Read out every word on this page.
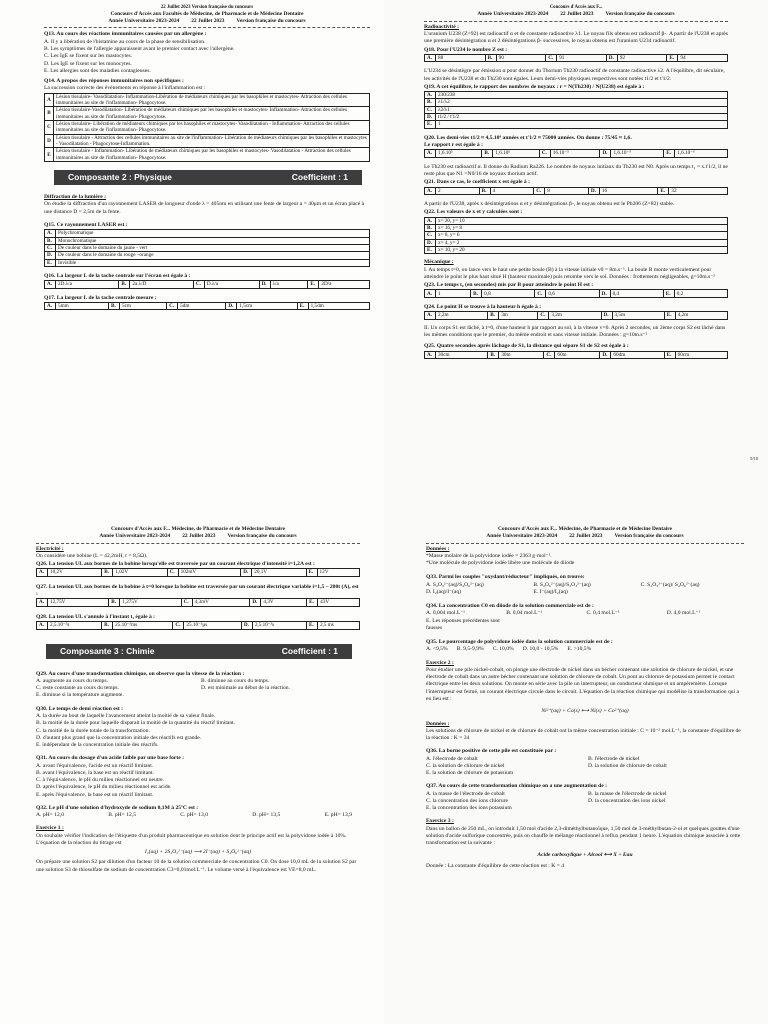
22 Juillet 2023 Version française du concours

Concours d'Accès aux Facultés de Médecine, de Pharmacie et de Médecine Dentaire

Année Universitaire 2023-2024 22 Juillet 2023 Version française du concours

Q13. Au cours des réactions immunitaires causées par un allergène :

A. Il y a libération de l'histamine au cours de la phase de sensibilisation.

B. Les symptômes de l'allergie apparaissent avant le premier contact avec l'allergène.

C. Les IgE se fixent sur les mastocytes.

D. Les IgE se fixent sur les monocytes.

E. Les allergies sont des maladies contagieuses.

Q14. A propos des réponses immunitaires non spécifiques :

La succession correcte des événements en réponse à l'inflammation est :

A	Lésion tissulaire- Vasodilatation- Inflammation-Libération de médiateurs chimiques par les basophiles et mastocytes- Attraction des cellules immunitaires au site de l'inflammation- Phagocytose.
B	Lésion tissulaire-Vasodilatation- Libération de médiateurs chimiques par les basophiles et mastocytes- Inflammation- Attraction des cellules immunitaires au site de l'inflammation- Phagocytose.
C	Lésion tissulaire- Libération de médiateurs chimiques par les basophiles et mastocytes- Vasodilatation - Inflammation- Attraction des cellules immunitaires au site de l'inflammation- Phagocytose.
D	Lésion tissulaire - Attraction des cellules immunitaires au site de l'inflammation- Libération de médiateurs chimiques par les basophiles et mastocytes - Vasodilatation - Phagocytose-Inflammation.
E	Lésion tissulaire - Inflammation- Libération de médiateurs chimiques par les basophiles et mastocytes- Vasodilatation - Attraction des cellules immunitaires au site de l'inflammation- Phagocytose.
Composante 2 : Physique	Coefficient : 1

Diffraction de la lumière :

On étudie la diffraction d'un rayonnement LASER de longueur d'onde λ = 405nm en utilisant une fente de largeur a = 40μm et un écran placé à une distance D = 2,5m de la fente.

Q15. Ce rayonnement LASER est :

A.	Polychromatique
B.	Monochromatique
C.	De couleur dans le domaine du jaune - vert
D.	De couleur dans le domaine du rouge –orange
E.	Invisible

Q16. La largeur L de la tache centrale sur l'écran est égale à :

A.	2D.λ/a	B.	2a.λ/D	C.	D.λ/a	D.	λ/a	E.	2D/a

Q17. La largeur L de la tache centrale mesure :

A.	5mm	B.	5cm	C.	5dm	D.	1,5cm	E.	1,5dm

Concours d'Accès aux F...

Année Universitaire 2023-2024 22 Juillet 2023 Version française du concours

Radioactivité :

L'uranium U238 (Z=92) est radioactif α et de constante radioactive λ1. Le noyau fils obtenu est radioactif β-. A partir de l'U238 et après une première désintégration α et 2 désintégrations β- successives, le noyau obtenu est l'uranium U234 radioactif.

Q18. Pour l'U234 le nombre Z est :

A.	88	B.	90	C.	91	D.	92	E.	94

L'U234 se désintègre par émission α pour donner du Thorium Th230 radioactif de constante radioactive λ2. A l'équilibre, dit séculaire, les activités de l'U238 et du Th230 sont égales. Leurs demi-vies physiques respectives sont notées t1/2 et t'1/2.

Q19. A cet équilibre, le rapport des nombres de noyaux : r = N(Th230) / N(U238) est égale à :

A.	230/238
B.	λ1/λ2
C.	λ2/λ1
D.	t1/2 / t'1/2
E.	1

Q20. Les demi-vies t1/2 ≈ 4,5.10⁹ années et t'1/2 ≈ 75000 années. On donne : 75/45 ≈ 1,6.

Le rapport r est égale à :

A.	1,6.10⁵	B.	1,6.10⁶	C.	16.10⁻⁵	D.	1,6.10⁻⁵	E.	1,6.10⁻⁶

Le Th230 est radioactif α. Il donne du Radium Ra226. Le nombre de noyaux initiaux du Th230 est N0. Après un temps t₁ = x.t'1/2, il ne reste plus que N1 =N0/16 de noyaux thorium actif.

Q21. Dans ce cas, le coefficient x est égale à :

A.	2	B.	4	C.	8	D.	16	E.	32

A partir de l'U238, après x désintégrations α et y désintégrations β-, le noyau obtenu est le Pb206 (Z=82) stable.

Q22. Les valeurs de x et y calculées sont :

A.	x= 20, y= 10
B.	x= 16, y= 8
C.	x= 8, y= 6
D.	x= 4, y= 2
E.	x= 10, y= 20

Mécanique :

I. Au temps t=0, on lance vers le haut une petite boule (B) à la vitesse initiale v0 = 8m.s⁻¹. La boule B monte verticalement pour atteindre le point le plus haut situé H (hauteur maximale) puis retombe vers le sol. Données : frottements négligeables, g=10m.s⁻²

Q23. Le temps t₀ (en secondes) mis par B pour atteindre le point H est :

A.	1	B.	0,8	C.	0,6	D.	0,4	E.	0,2

Q24. Le point H se trouve à la hauteur h égale à :

A.	2,2m	B.	3m	C.	3,2m	D.	3,5m	E.	4,2m

II. Un corps S1 est lâché, à t=0, d'une hauteur h par rapport au sol, à la vitesse v=0. Après 2 secondes, un 2ème corps S2 est lâché dans les mêmes conditions que le premier, du même endroit et sans vitesse initiale. Données : g=10m.s⁻²

Q25. Quatre secondes après lâchage de S1, la distance qui sépare S1 de S2 est égale à :

A.	30cm	B.	30m	C.	60m	D.	60dm	E.	60cm
5/10

Concours d'Accès aux F... Médecine, de Pharmacie et de Médecine Dentaire

Année Universitaire 2023-2024 22 Juillet 2023 Version française du concours

Electricité :

On considère une bobine (L = 42,2mH, r = 8,5Ω).

Q26. La tension UL aux bornes de la bobine lorsqu'elle est traversée par un courant électrique d'intensité i=1,2A est :

A.	10,2V	B.	1,02V	C.	102mV	D.	20,1V	E.	12V

Q27. La tension UL aux bornes de la bobine à t=0 lorsque la bobine est traversée par un courant électrique variable i=1,5 – 200t (A), est :

A.	12,75V	B.	1,275V	C.	4,3mV	D.	4,3V	E.	43V

Q28. La tension UL s'annule à l'instant t₁ égale à :

A.	2,5.10⁻³s	B.	25.10⁻³ms	C.	25.10⁻³μs	D.	2,5.10⁻³s	E.	2,5 ms
Composante 3 : Chimie	Coefficient : 1

Q29. Au cours d'une transformation chimique, on observe que la vitesse de la réaction :

A. augmente au cours du temps.	B. diminue au cours du temps.

C. reste constante au cours du temps.	D. est minimale au début de la réaction.

E. diminue si la température augmente.

Q30. Le temps de demi réaction est :

A. la durée au bout de laquelle l'avancement atteint la moitié de sa valeur finale.

B. la moitié de la durée pour laquelle disparait la moitié de la quantité du réactif limitant.

C. la moitié de la durée totale de la transformation.

D. d'autant plus grand que la concentration initiale des réactifs est grande.

E. indépendant de la concentration initiale des réactifs.

Q31. Au cours du dosage d'un acide faible par une base forte :

A. avant l'équivalence, l'acide est un réactif limitant.

B. avant l'équivalence, la base est un réactif limitant.

C. à l'équivalence, le pH du milieu réactionnel est neutre.

D. après l'équivalence, le pH du milieu réactionnel est acide.

E. après l'équivalence, la base est un réactif limitant.

Q32. Le pH d'une solution d'hydroxyde de sodium 0,1M à 25ºC est :

A. pH= 12,0	B. pH= 12,5	C. pH= 13,0	D. pH= 13,5	E. pH= 13,9

Exercice 1 :

On souhaite vérifier l'indication de l'étiquette d'un produit pharmaceutique en solution dont le principe actif est la polyvidone iodée à 10%. L'équation de la réaction du titrage est

I₂(aq) + 2S₂O₃²⁻(aq) ⟶ 2I⁻(aq) + S₄O₆²⁻(aq)

On prépare une solution S2 par dilution d'un facteur 10 de la solution commerciale de concentration C0. On dose 10,0 mL de la solution S2 par une solution S3 de thiosulfate de sodium de concentration C3=0,01mol.L⁻¹. Le volume versé à l'équivalence est VE=8,0 mL.

Concours d'Accès aux F... Médecine, de Pharmacie et de Médecine Dentaire

Année Universitaire 2023-2024 22 Juillet 2023 Version française du concours

Données :

*Masse molaire de la polyvidone iodée = 2363 g·mol⁻¹.

*Une molécule de polyvidone iodée libère une molécule de diiode

Q33. Parmi les couples "oxydant/réducteur" impliqués, on trouve:

A. S₂O₃²⁻(aq)/S₄O₆²⁻(aq)	B. S₄O₆²⁻(aq)/S₂O₃²⁻(aq)	C. S₂O₃²⁻(aq)/ S₄O₆²⁻(aq)

D. I₂(aq)/I⁻(aq)	E. I⁻(aq)/I₂(aq)

Q34. La concentration C0 en diiode de la solution commerciale est de :

A. 0,004 mol.L⁻¹	B. 0,04 mol.L⁻¹	C. 0,4 mol.L⁻¹	D. 4,0 mol.L⁻¹

E. Les réponses précédentes sont fausses

Q35. Le pourcentage de polyvidone iodée dans la solution commerciale est de :

A. <9,5% B. 9,5-9,9% C. 10,0% D. 10,0 - 10,5% E. >10,5%

Exercice 2 :

Pour étudier une pile nickel-cobalt, on plonge une électrode de nickel dans un bécher contenant une solution de chlorure de nickel, et une électrode de cobalt dans un autre bécher contenant une solution de chlorure de cobalt. Un pont au chlorure de potassium permet le contact électrique entre les deux solutions. On monte en série avec la pile un interrupteur, un conducteur ohmique et un ampèremètre. Lorsque l'interrupteur est fermé, un courant électrique circule dans le circuit. L'équation de la réaction chimique qui modélise la transformation qui a eu lieu est :

Ni²⁺(aq) + Co(s) ⟷ Ni(s) + Co²⁺(aq)

Données :

Les solutions de chlorure de nickel et de chlorure de cobalt ont la même concentration initiale : C = 10⁻² mol.L⁻¹, la constante d'équilibre de la réaction : K = 34

Q36. La borne positive de cette pile est constituée par :

A. l'électrode de cobalt	B. l'électrode de nickel

C. la solution de chlorure de nickel	D. la solution de chlorure de cobalt

E. la solution de chlorure de potassium

Q37. Au cours de cette transformation chimique on a une augmentation de :

A. la masse de l'électrode de cobalt	B. la masse de l'électrode de nickel

C. la concentration des ions chlorure	D. la concentration des ions nickel

E. la concentration des ions potassium

Exercice 3 :

Dans un ballon de 250 mL, on introduit 1,50 mol d'acide 2,3-diméthylbutanoïque, 1,50 mol de 3-méthylbutan-2-ol et quelques gouttes d'une solution d'acide sulfurique concentrée, puis on chauffe le mélange réactionnel à reflux pendant 1 heure. L'équation chimique associée à cette transformation est la suivante :

Acide carboxylique + Alcool ⟷ X + Eau

Donnée : La constante d'équilibre de cette réaction est : K = 4
